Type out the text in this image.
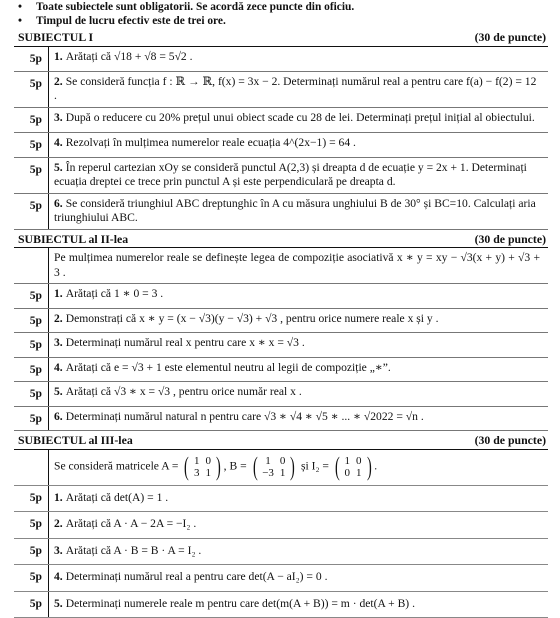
•	Toate subiectele sunt obligatorii. Se acordă zece puncte din oficiu.
•	Timpul de lucru efectiv este de trei ore.
SUBIECTUL I	(30 de puncte)
5p	1. Arătați că √18 + √8 = 5√2 .
5p	2. Se consideră funcția f : ℝ → ℝ, f(x) = 3x − 2. Determinați numărul real a pentru care f(a) − f(2) = 12 .
5p	3. După o reducere cu 20% prețul unui obiect scade cu 28 de lei. Determinați prețul inițial al obiectului.
5p	4. Rezolvați în mulțimea numerelor reale ecuația 4^(2x−1) = 64 .
5p	5. În reperul cartezian xOy se consideră punctul A(2,3) și dreapta d de ecuație y = 2x + 1. Determinați ecuația dreptei ce trece prin punctul A și este perpendiculară pe dreapta d.
5p	6. Se consideră triunghiul ABC dreptunghic în A cu măsura unghiului B de 30° și BC=10. Calculați aria triunghiului ABC.
SUBIECTUL al II-lea	(30 de puncte)
Pe mulțimea numerelor reale se definește legea de compoziție asociativă x ∗ y = xy − √3(x + y) + √3 + 3 .
5p	1. Arătați că 1 ∗ 0 = 3 .
5p	2. Demonstrați că x ∗ y = (x − √3)(y − √3) + √3 , pentru orice numere reale x și y .
5p	3. Determinați numărul real x pentru care x ∗ x = √3 .
5p	4. Arătați că e = √3 + 1 este elementul neutru al legii de compoziție „∗”.
5p	5. Arătați că √3 ∗ x = √3 , pentru orice număr real x .
5p	6. Determinați numărul natural n pentru care √3 ∗ √4 ∗ √5 ∗ ... ∗ √2022 = √n .
SUBIECTUL al III-lea	(30 de puncte)
Se consideră matricele A = ( 1	0
3	1 ) , B = ( 1	0
−3	1 ) și I₂ = ( 1	0
0	1 ) .
5p	1. Arătați că det(A) = 1 .
5p	2. Arătați că A · A − 2A = −I₂ .
5p	3. Arătați că A · B = B · A = I₂ .
5p	4. Determinați numărul real a pentru care det(A − aI₂) = 0 .
5p	5. Determinați numerele reale m pentru care det(m(A + B)) = m · det(A + B) .
